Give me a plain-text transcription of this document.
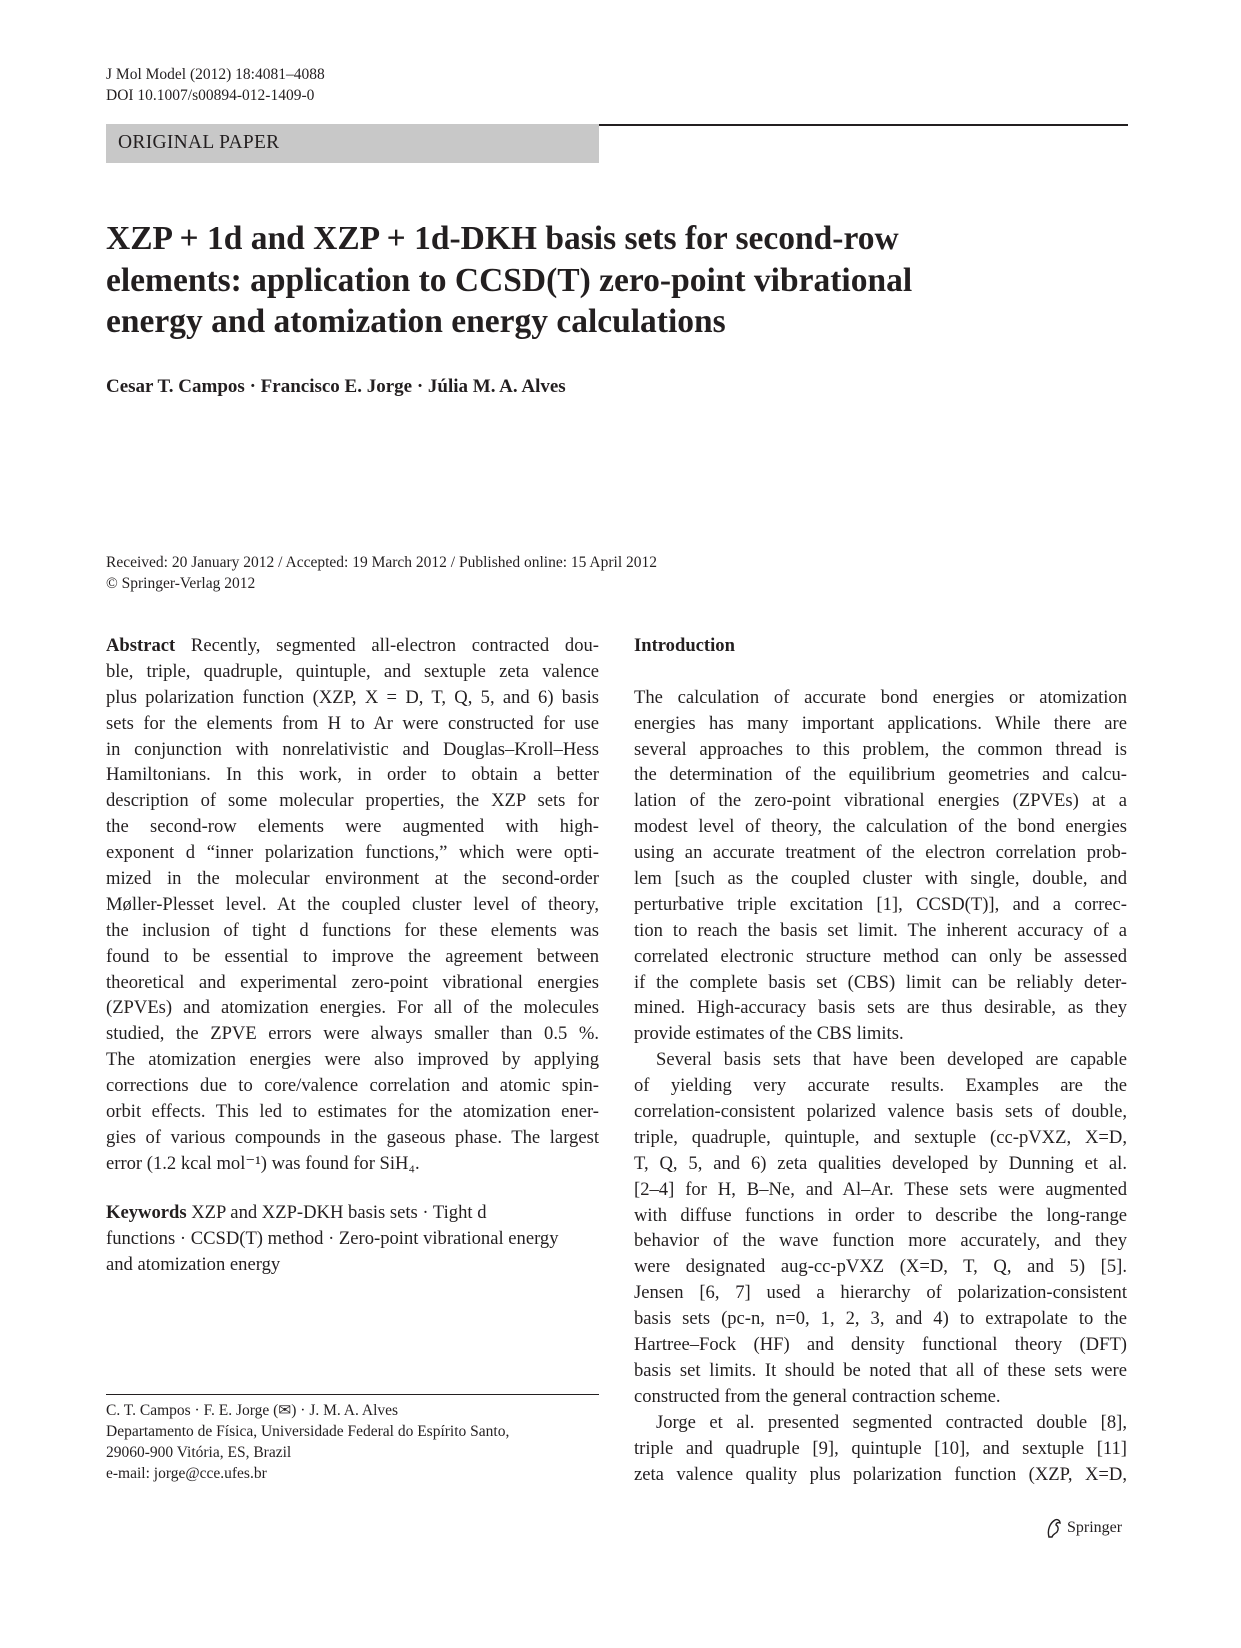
J Mol Model (2012) 18:4081–4088
DOI 10.1007/s00894-012-1409-0
ORIGINAL PAPER
XZP + 1d and XZP + 1d-DKH basis sets for second-row
elements: application to CCSD(T) zero-point vibrational
energy and atomization energy calculations
Cesar T. Campos · Francisco E. Jorge · Júlia M. A. Alves
Received: 20 January 2012 / Accepted: 19 March 2012 / Published online: 15 April 2012
© Springer-Verlag 2012
Abstract Recently, segmented all-electron contracted dou-
ble, triple, quadruple, quintuple, and sextuple zeta valence
plus polarization function (XZP, X = D, T, Q, 5, and 6) basis
sets for the elements from H to Ar were constructed for use
in conjunction with nonrelativistic and Douglas–Kroll–Hess
Hamiltonians. In this work, in order to obtain a better
description of some molecular properties, the XZP sets for
the second-row elements were augmented with high-
exponent d “inner polarization functions,” which were opti-
mized in the molecular environment at the second-order
Møller-Plesset level. At the coupled cluster level of theory,
the inclusion of tight d functions for these elements was
found to be essential to improve the agreement between
theoretical and experimental zero-point vibrational energies
(ZPVEs) and atomization energies. For all of the molecules
studied, the ZPVE errors were always smaller than 0.5 %.
The atomization energies were also improved by applying
corrections due to core/valence correlation and atomic spin-
orbit effects. This led to estimates for the atomization ener-
gies of various compounds in the gaseous phase. The largest
error (1.2 kcal mol⁻¹) was found for SiH₄.
Keywords XZP and XZP-DKH basis sets · Tight d
functions · CCSD(T) method · Zero-point vibrational energy
and atomization energy
Introduction
The calculation of accurate bond energies or atomization
energies has many important applications. While there are
several approaches to this problem, the common thread is
the determination of the equilibrium geometries and calcu-
lation of the zero-point vibrational energies (ZPVEs) at a
modest level of theory, the calculation of the bond energies
using an accurate treatment of the electron correlation prob-
lem [such as the coupled cluster with single, double, and
perturbative triple excitation [1], CCSD(T)], and a correc-
tion to reach the basis set limit. The inherent accuracy of a
correlated electronic structure method can only be assessed
if the complete basis set (CBS) limit can be reliably deter-
mined. High-accuracy basis sets are thus desirable, as they
provide estimates of the CBS limits.
Several basis sets that have been developed are capable
of yielding very accurate results. Examples are the
correlation-consistent polarized valence basis sets of double,
triple, quadruple, quintuple, and sextuple (cc-pVXZ, X=D,
T, Q, 5, and 6) zeta qualities developed by Dunning et al.
[2–4] for H, B–Ne, and Al–Ar. These sets were augmented
with diffuse functions in order to describe the long-range
behavior of the wave function more accurately, and they
were designated aug-cc-pVXZ (X=D, T, Q, and 5) [5].
Jensen [6, 7] used a hierarchy of polarization-consistent
basis sets (pc-n, n=0, 1, 2, 3, and 4) to extrapolate to the
Hartree–Fock (HF) and density functional theory (DFT)
basis set limits. It should be noted that all of these sets were
constructed from the general contraction scheme.
Jorge et al. presented segmented contracted double [8],
triple and quadruple [9], quintuple [10], and sextuple [11]
zeta valence quality plus polarization function (XZP, X=D,
C. T. Campos · F. E. Jorge (✉) · J. M. A. Alves
Departamento de Física, Universidade Federal do Espírito Santo,
29060-900 Vitória, ES, Brazil
e-mail: jorge@cce.ufes.br
Springer
